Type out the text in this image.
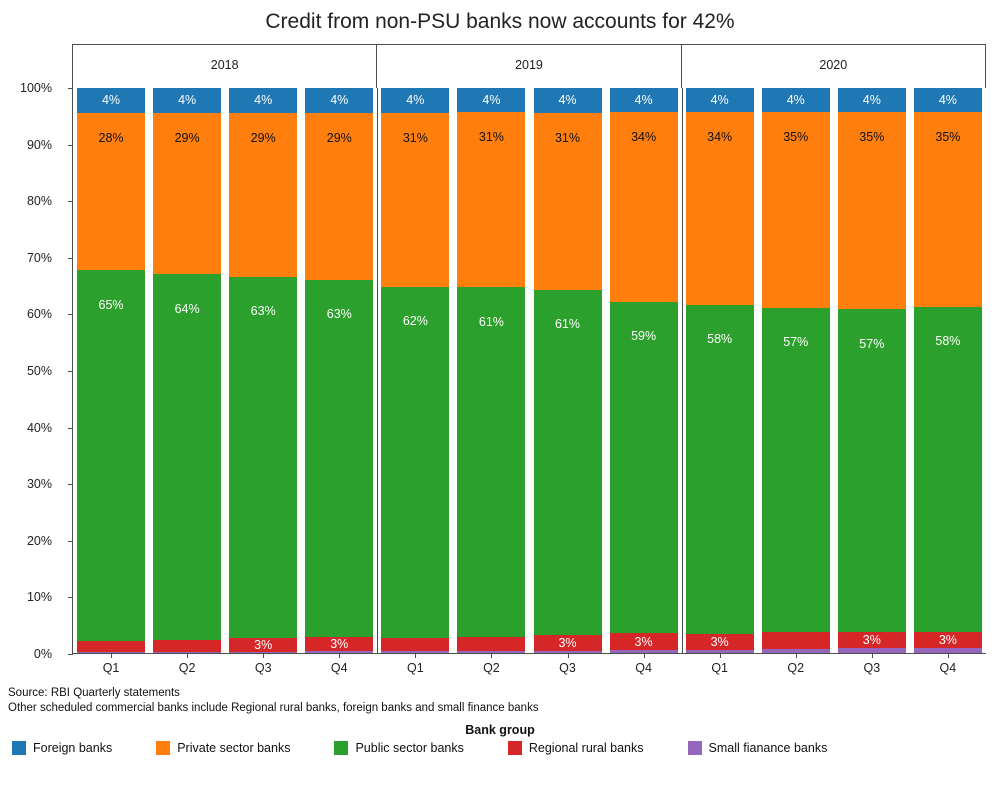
Credit from non-PSU banks now accounts for 42%
2018	2019	2020
0%
10%
20%
30%
40%
50%
60%
70%
80%
90%
100%
4%
28%
65%
Q1
4%
29%
64%
Q2
4%
29%
63%
3%
Q3
4%
29%
63%
3%
Q4
4%
31%
62%
Q1
4%
31%
61%
Q2
4%
31%
61%
3%
Q3
4%
34%
59%
3%
Q4
4%
34%
58%
3%
Q1
4%
35%
57%
Q2
4%
35%
57%
3%
Q3
4%
35%
58%
3%
Q4
Source: RBI Quarterly statements
Other scheduled commercial banks include Regional rural banks, foreign banks and small finance banks
Bank group
Foreign banks	Private sector banks	Public sector banks	Regional rural banks	Small fianance banks
